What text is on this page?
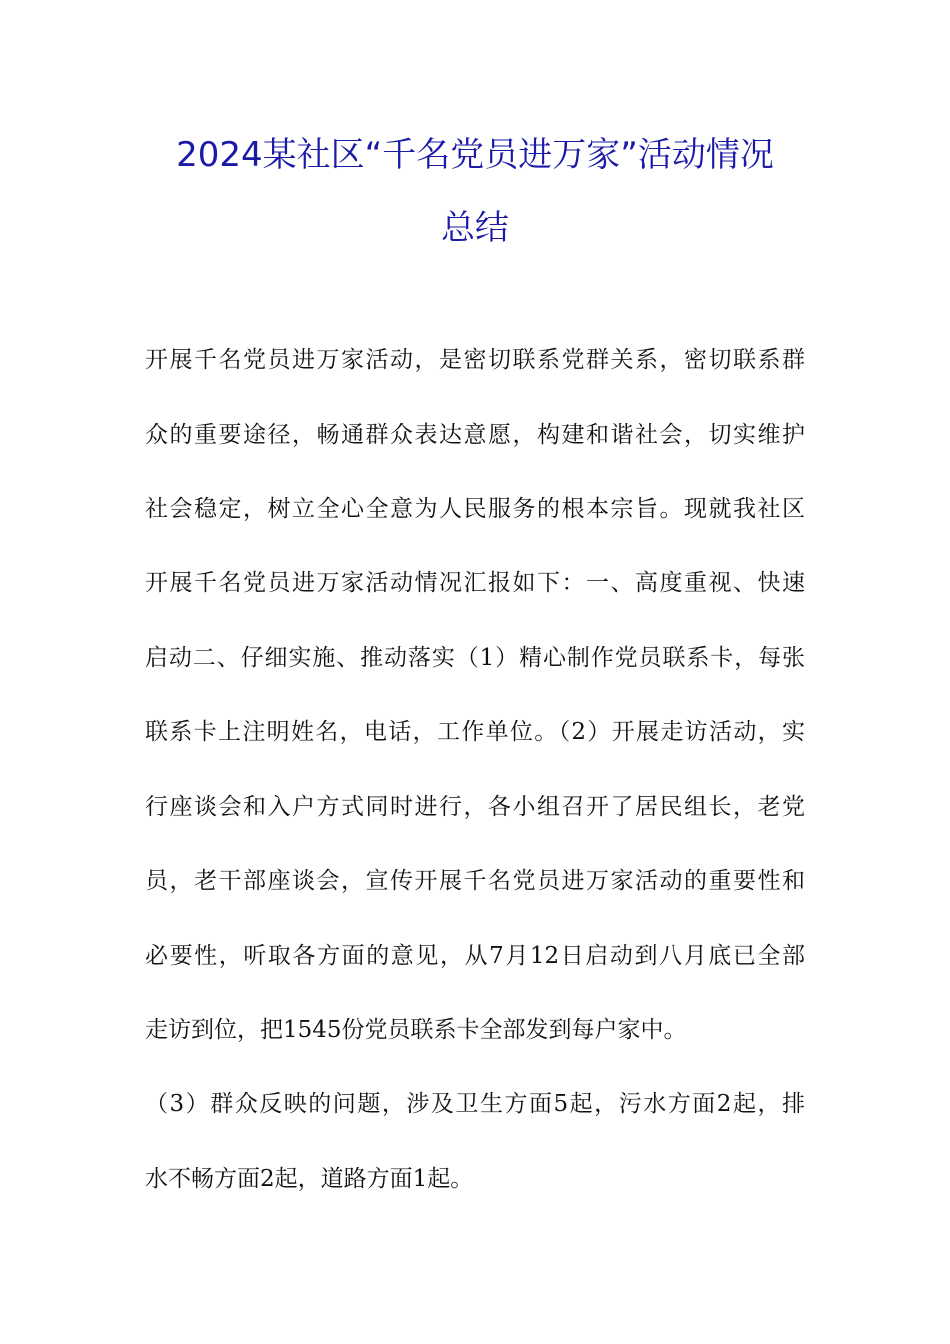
2024某社区“千名党员进万家”活动情况
总结
开展千名党员进万家活动，是密切联系党群关系，密切联系群
众的重要途径，畅通群众表达意愿，构建和谐社会，切实维护
社会稳定，树立全心全意为人民服务的根本宗旨。现就我社区
开展千名党员进万家活动情况汇报如下：一、高度重视、快速
启动二、仔细实施、推动落实（1）精心制作党员联系卡，每张
联系卡上注明姓名，电话，工作单位。（2）开展走访活动，实
行座谈会和入户方式同时进行，各小组召开了居民组长，老党
员，老干部座谈会，宣传开展千名党员进万家活动的重要性和
必要性，听取各方面的意见，从7月12日启动到八月底已全部
走访到位，把1545份党员联系卡全部发到每户家中。
（3）群众反映的问题，涉及卫生方面5起，污水方面2起，排
水不畅方面2起，道路方面1起。
